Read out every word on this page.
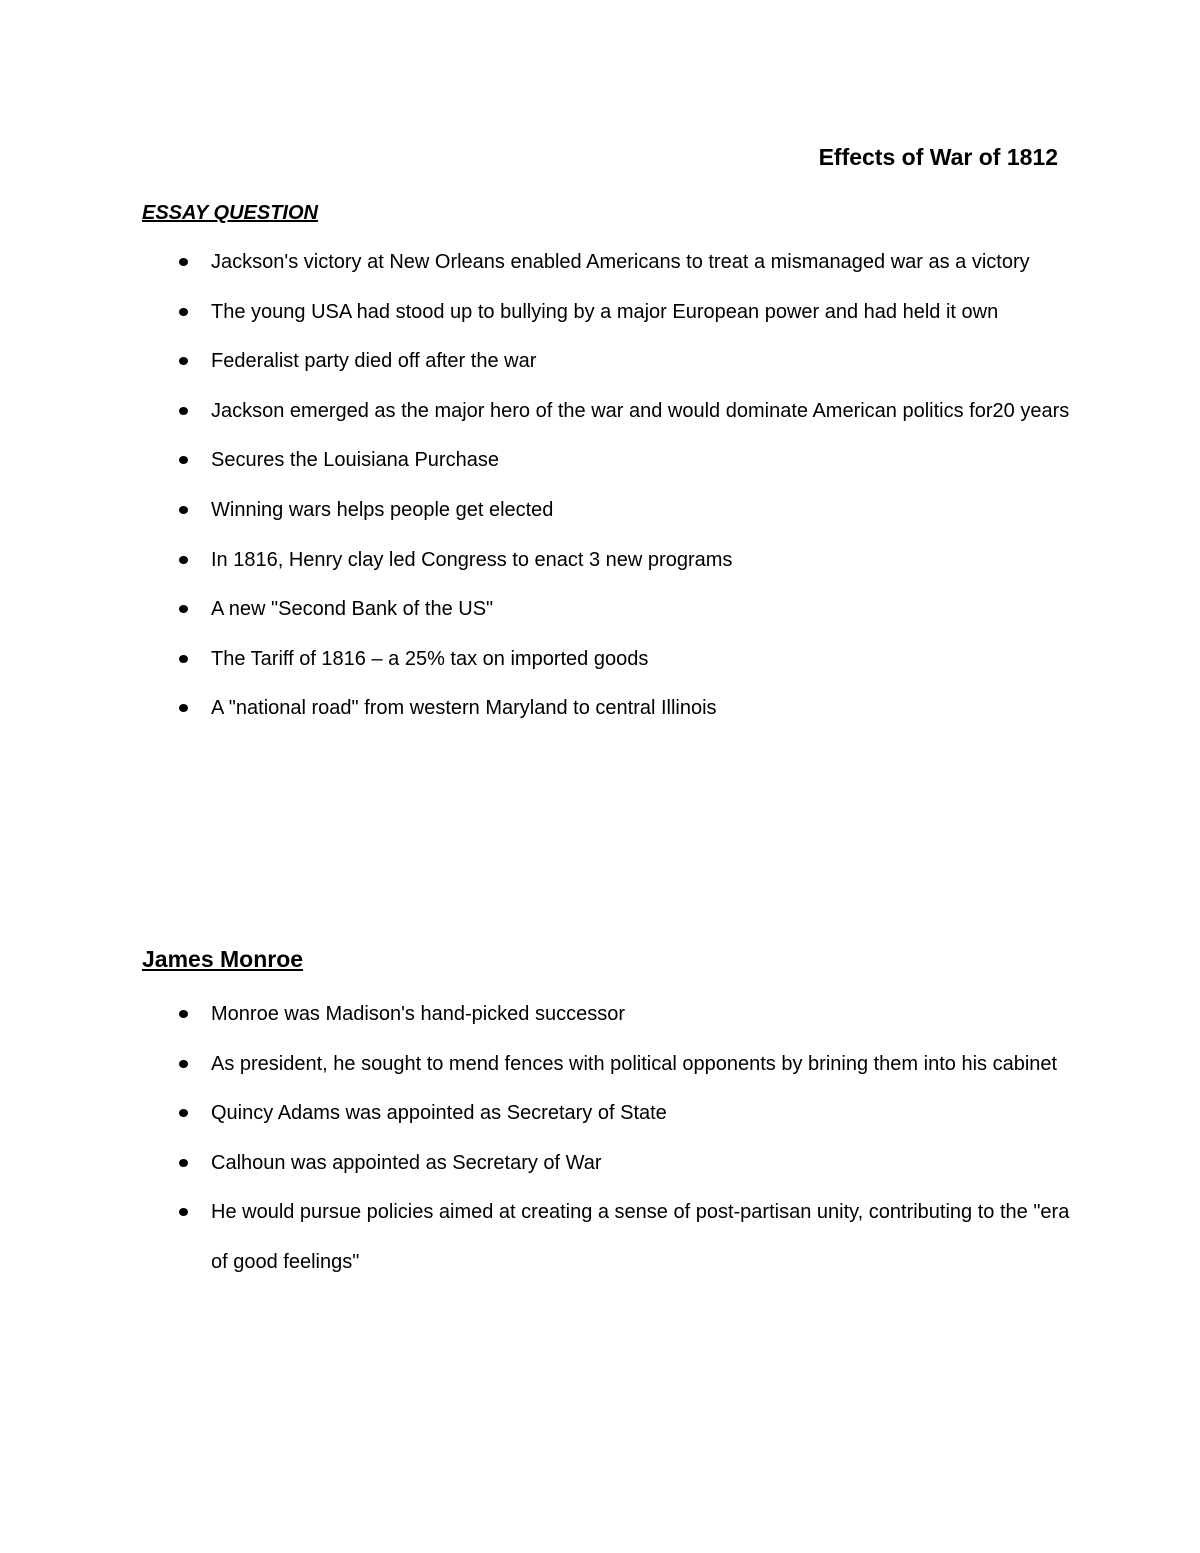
Effects of War of 1812
ESSAY QUESTION
Jackson's victory at New Orleans enabled Americans to treat a mismanaged war as a victory
The young USA had stood up to bullying by a major European power and had held it own
Federalist party died off after the war
Jackson emerged as the major hero of the war and would dominate American politics for20 years
Secures the Louisiana Purchase
Winning wars helps people get elected
In 1816, Henry clay led Congress to enact 3 new programs
A new "Second Bank of the US"
The Tariff of 1816 – a 25% tax on imported goods
A "national road" from western Maryland to central Illinois
James Monroe
Monroe was Madison's hand-picked successor
As president, he sought to mend fences with political opponents by brining them into his cabinet
Quincy Adams was appointed as Secretary of State
Calhoun was appointed as Secretary of War
He would pursue policies aimed at creating a sense of post-partisan unity, contributing to the "era of good feelings"
